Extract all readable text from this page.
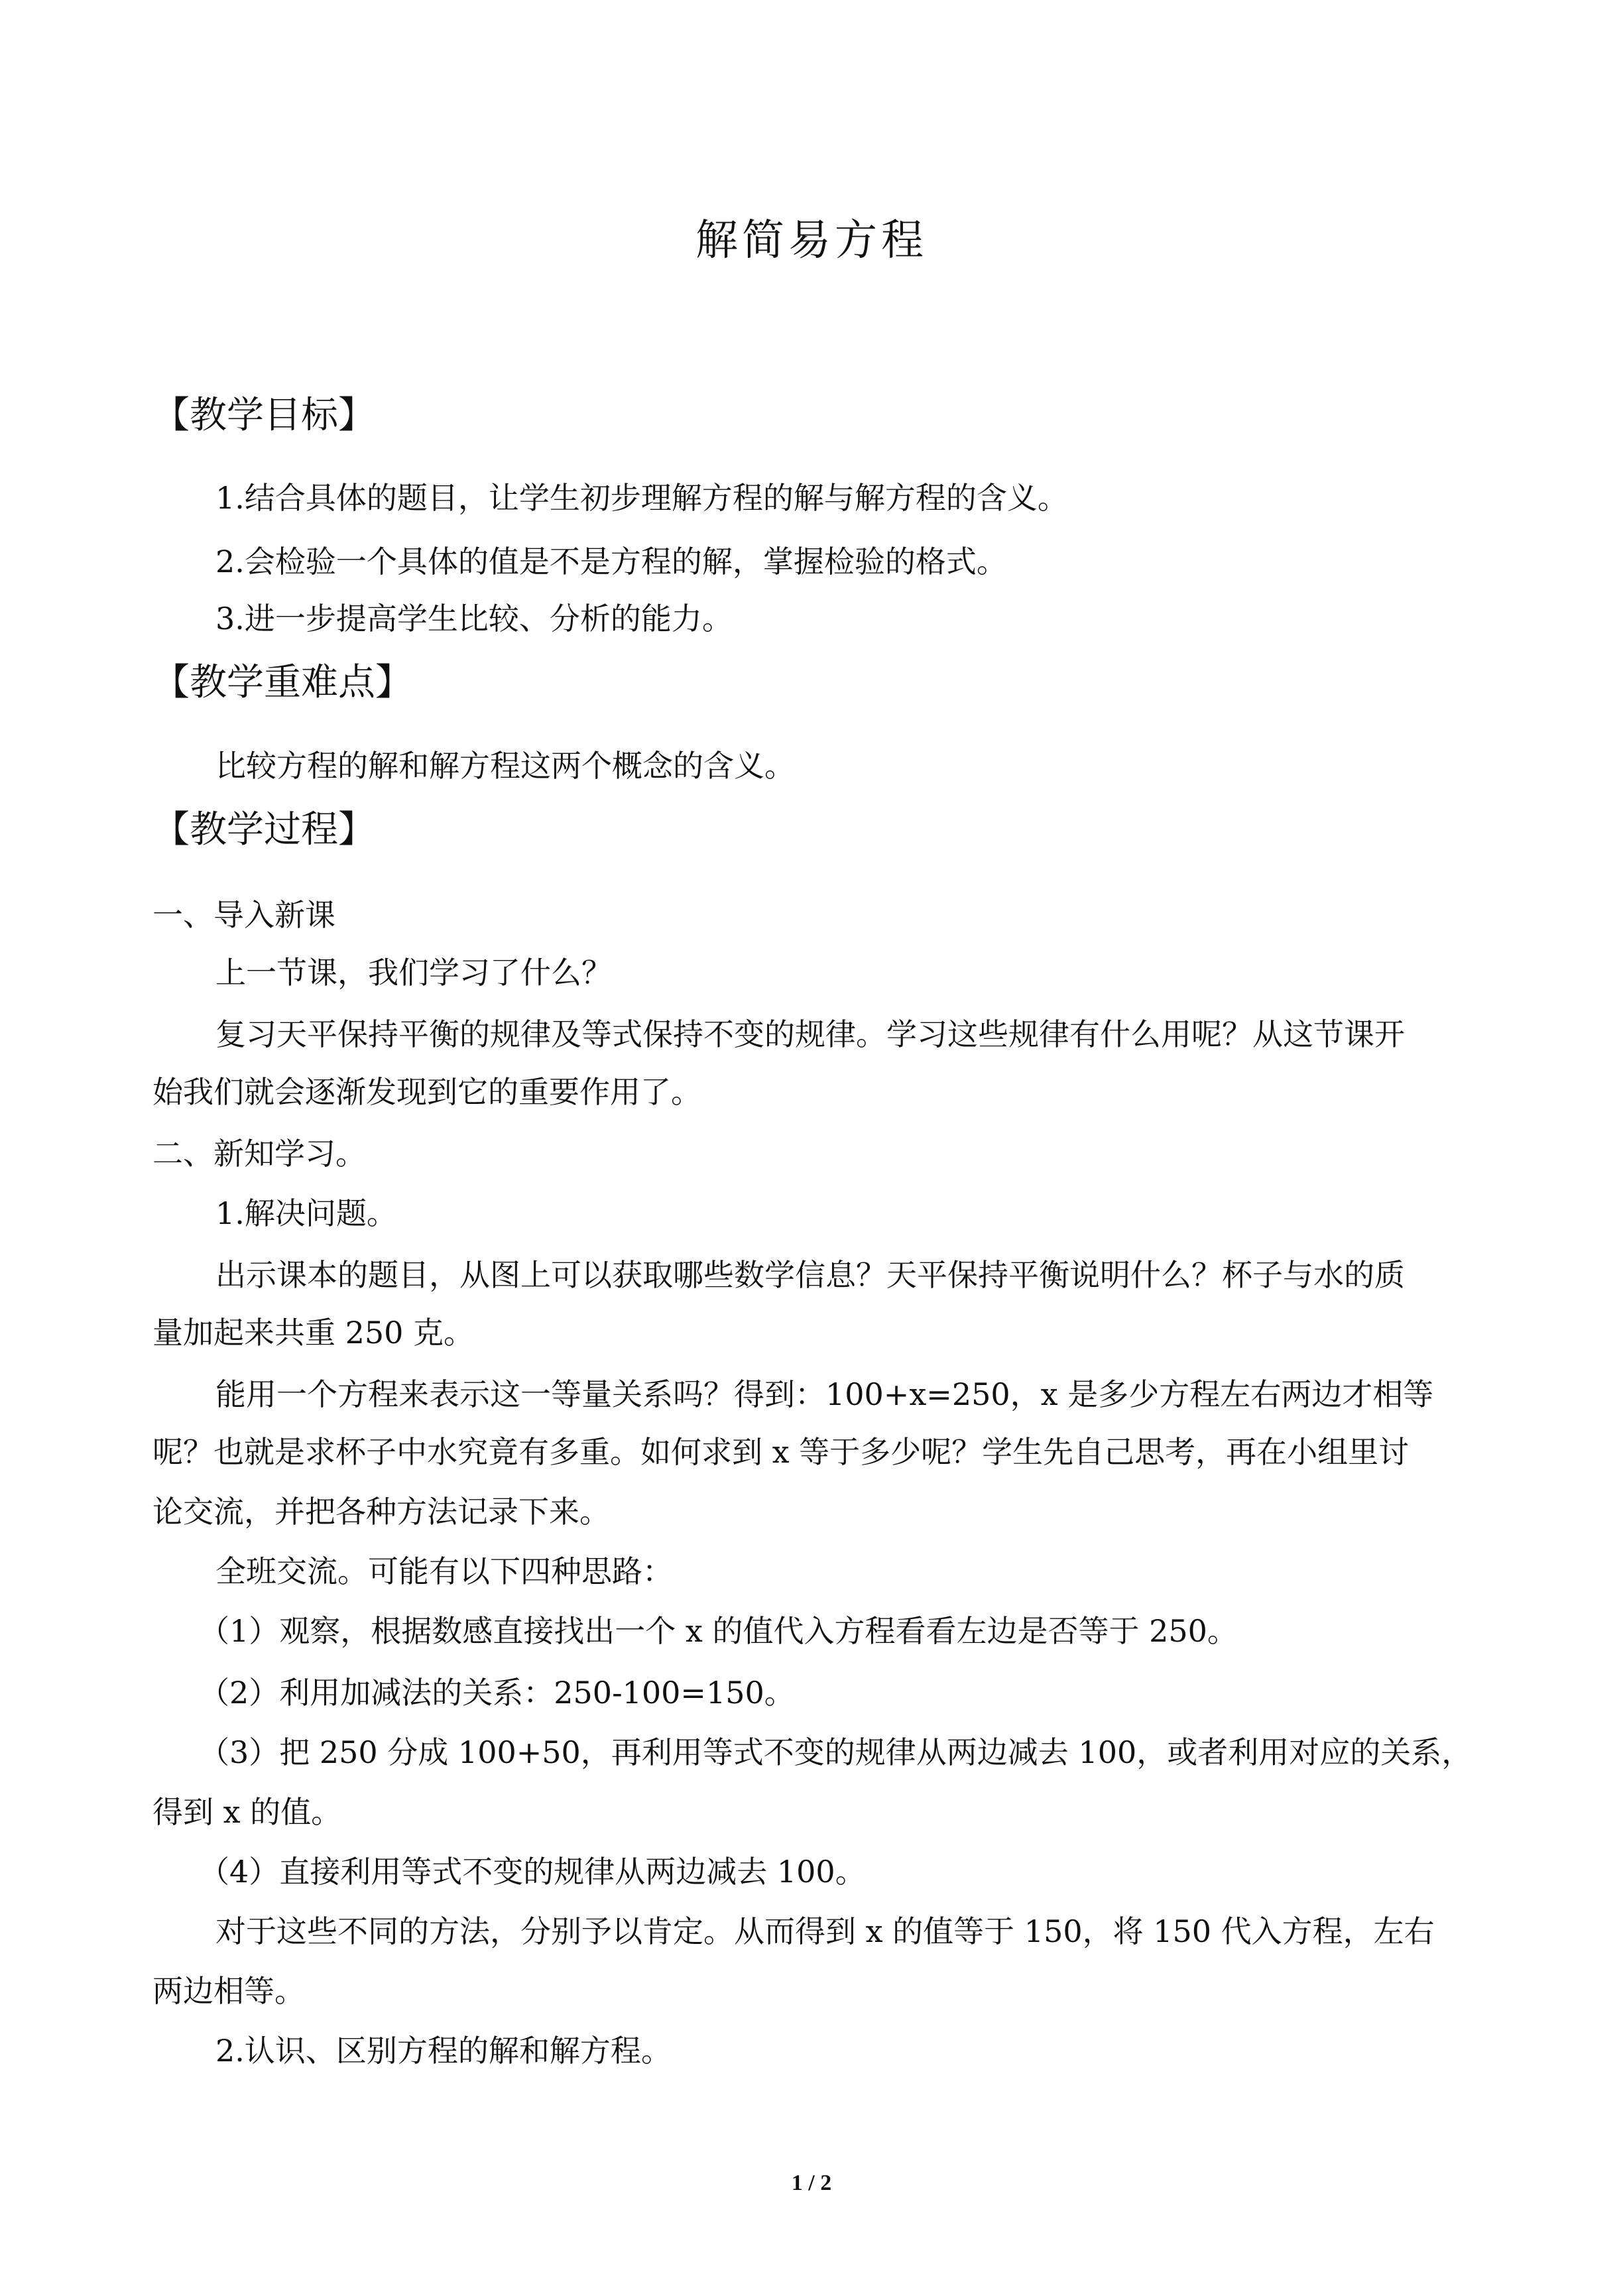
解简易方程
【教学目标】
1.结合具体的题目，让学生初步理解方程的解与解方程的含义。
2.会检验一个具体的值是不是方程的解，掌握检验的格式。
3.进一步提高学生比较、分析的能力。
【教学重难点】
比较方程的解和解方程这两个概念的含义。
【教学过程】
一、导入新课
上一节课，我们学习了什么？
复习天平保持平衡的规律及等式保持不变的规律。学习这些规律有什么用呢？从这节课开
始我们就会逐渐发现到它的重要作用了。
二、新知学习。
1.解决问题。
出示课本的题目，从图上可以获取哪些数学信息？天平保持平衡说明什么？杯子与水的质
量加起来共重 250 克。
能用一个方程来表示这一等量关系吗？得到：100+x=250，x 是多少方程左右两边才相等
呢？也就是求杯子中水究竟有多重。如何求到 x 等于多少呢？学生先自己思考，再在小组里讨
论交流，并把各种方法记录下来。
全班交流。可能有以下四种思路：
（1）观察，根据数感直接找出一个 x 的值代入方程看看左边是否等于 250。
（2）利用加减法的关系：250-100=150。
（3）把 250 分成 100+50，再利用等式不变的规律从两边减去 100，或者利用对应的关系，
得到 x 的值。
（4）直接利用等式不变的规律从两边减去 100。
对于这些不同的方法，分别予以肯定。从而得到 x 的值等于 150，将 150 代入方程，左右
两边相等。
2.认识、区别方程的解和解方程。
1 / 2
